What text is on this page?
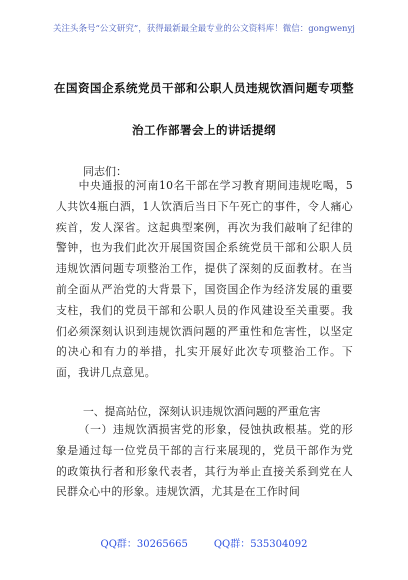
关注头条号“公文研究”，获得最新最全最专业的公文资料库！微信：gongwenyj
在国资国企系统党员干部和公职人员违规饮酒问题专项整
治工作部署会上的讲话提纲
同志们：
中央通报的河南10名干部在学习教育期间违规吃喝，5人共饮4瓶白酒，1人饮酒后当日下午死亡的事件，令人痛心疾首，发人深省。这起典型案例，再次为我们敲响了纪律的警钟，也为我们此次开展国资国企系统党员干部和公职人员违规饮酒问题专项整治工作，提供了深刻的反面教材。在当前全面从严治党的大背景下，国资国企作为经济发展的重要支柱，我们的党员干部和公职人员的作风建设至关重要。我们必须深刻认识到违规饮酒问题的严重性和危害性，以坚定的决心和有力的举措，扎实开展好此次专项整治工作。下面，我讲几点意见。
一、提高站位，深刻认识违规饮酒问题的严重危害
（一）违规饮酒损害党的形象，侵蚀执政根基。党的形象是通过每一位党员干部的言行来展现的，党员干部作为党的政策执行者和形象代表者，其行为举止直接关系到党在人民群众心中的形象。违规饮酒，尤其是在工作时间
QQ群：30265665	QQ群：535304092
